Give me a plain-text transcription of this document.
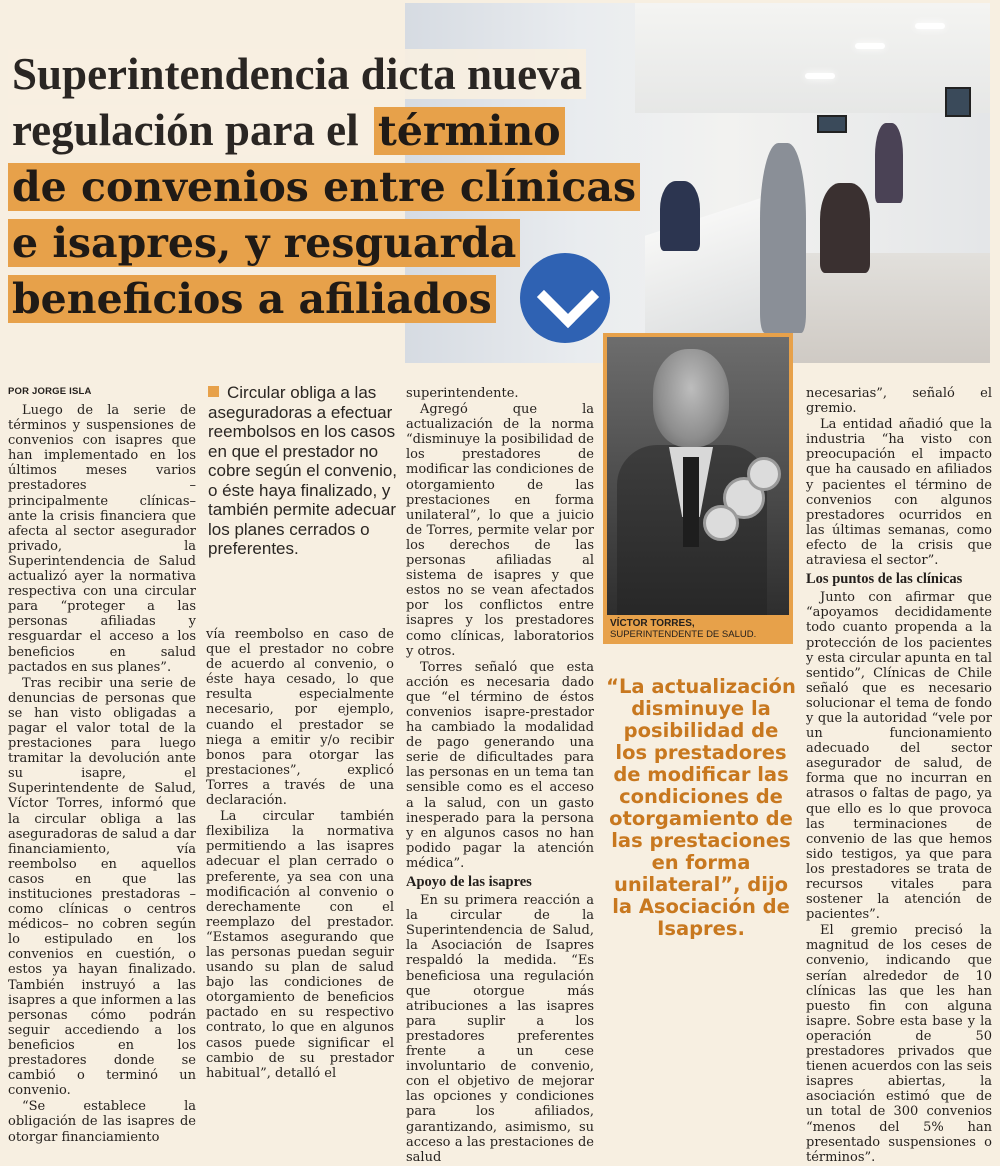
Superintendencia dicta nueva
regulación para el término
de convenios entre clínicas
e isapres, y resguarda
beneficios a afiliados
POR JORGE ISLA

Luego de la serie de términos y suspensiones de convenios con isapres que han implementado en los últimos meses varios prestadores –principalmente clínicas– ante la crisis financiera que afecta al sector asegurador privado, la Superintendencia de Salud actualizó ayer la normativa respectiva con una circular para “proteger a las personas afiliadas y resguardar el acceso a los beneficios en salud pactados en sus planes”.

Tras recibir una serie de denuncias de personas que se han visto obligadas a pagar el valor total de la prestaciones para luego tramitar la devolución ante su isapre, el Superintendente de Salud, Víctor Torres, informó que la circular obliga a las aseguradoras de salud a dar financiamiento, vía reembolso en aquellos casos en que las instituciones prestadoras –como clínicas o centros médicos– no cobren según lo estipulado en los convenios en cuestión, o estos ya hayan finalizado. También instruyó a las isapres a que informen a las personas cómo podrán seguir accediendo a los beneficios en los prestadores donde se cambió o terminó un convenio.

“Se establece la obligación de las isapres de otorgar financiamiento

Circular obliga a las aseguradoras a efectuar reembolsos en los casos en que el prestador no cobre según el convenio, o éste haya finalizado, y también permite adecuar los planes cerrados o preferentes.

vía reembolso en caso de que el prestador no cobre de acuerdo al convenio, o éste haya cesado, lo que resulta especialmente necesario, por ejemplo, cuando el prestador se niega a emitir y/o recibir bonos para otorgar las prestaciones”, explicó Torres a través de una declaración.

La circular también flexibiliza la normativa permitiendo a las isapres adecuar el plan cerrado o preferente, ya sea con una modificación al convenio o derechamente con el reemplazo del prestador. “Estamos asegurando que las personas puedan seguir usando su plan de salud bajo las condiciones de otorgamiento de beneficios pactado en su respectivo contrato, lo que en algunos casos puede significar el cambio de su prestador habitual”, detalló el

superintendente.

Agregó que la actualización de la norma “disminuye la posibilidad de los prestadores de modificar las condiciones de otorgamiento de las prestaciones en forma unilateral”, lo que a juicio de Torres, permite velar por los derechos de las personas afiliadas al sistema de isapres y que estos no se vean afectados por los conflictos entre isapres y los prestadores como clínicas, laboratorios y otros.

Torres señaló que esta acción es necesaria dado que “el término de éstos convenios isapre-prestador ha cambiado la modalidad de pago generando una serie de dificultades para las personas en un tema tan sensible como es el acceso a la salud, con un gasto inesperado para la persona y en algunos casos no han podido pagar la atención médica”.

Apoyo de las isapres

En su primera reacción a la circular de la Superintendencia de Salud, la Asociación de Isapres respaldó la medida. “Es beneficiosa una regulación que otorgue más atribuciones a las isapres para suplir a los prestadores preferentes frente a un cese involuntario de convenio, con el objetivo de mejorar las opciones y condiciones para los afiliados, garantizando, asimismo, su acceso a las prestaciones de salud

VÍCTOR TORRES,
SUPERINTENDENTE DE SALUD.
“La actualización disminuye la posibilidad de los prestadores de modificar las condiciones de otorgamiento de las prestaciones en forma unilateral”, dijo la Asociación de Isapres.

necesarias”, señaló el gremio.

La entidad añadió que la industria “ha visto con preocupación el impacto que ha causado en afiliados y pacientes el término de convenios con algunos prestadores ocurridos en las últimas semanas, como efecto de la crisis que atraviesa el sector”.

Los puntos de las clínicas

Junto con afirmar que “apoyamos decididamente todo cuanto propenda a la protección de los pacientes y esta circular apunta en tal sentido”, Clínicas de Chile señaló que es necesario solucionar el tema de fondo y que la autoridad “vele por un funcionamiento adecuado del sector asegurador de salud, de forma que no incurran en atrasos o faltas de pago, ya que ello es lo que provoca las terminaciones de convenio de las que hemos sido testigos, ya que para los prestadores se trata de recursos vitales para sostener la atención de pacientes”.

El gremio precisó la magnitud de los ceses de convenio, indicando que serían alrededor de 10 clínicas las que les han puesto fin con alguna isapre. Sobre esta base y la operación de 50 prestadores privados que tienen acuerdos con las seis isapres abiertas, la asociación estimó que de un total de 300 convenios “menos del 5% han presentado suspensiones o términos”.
